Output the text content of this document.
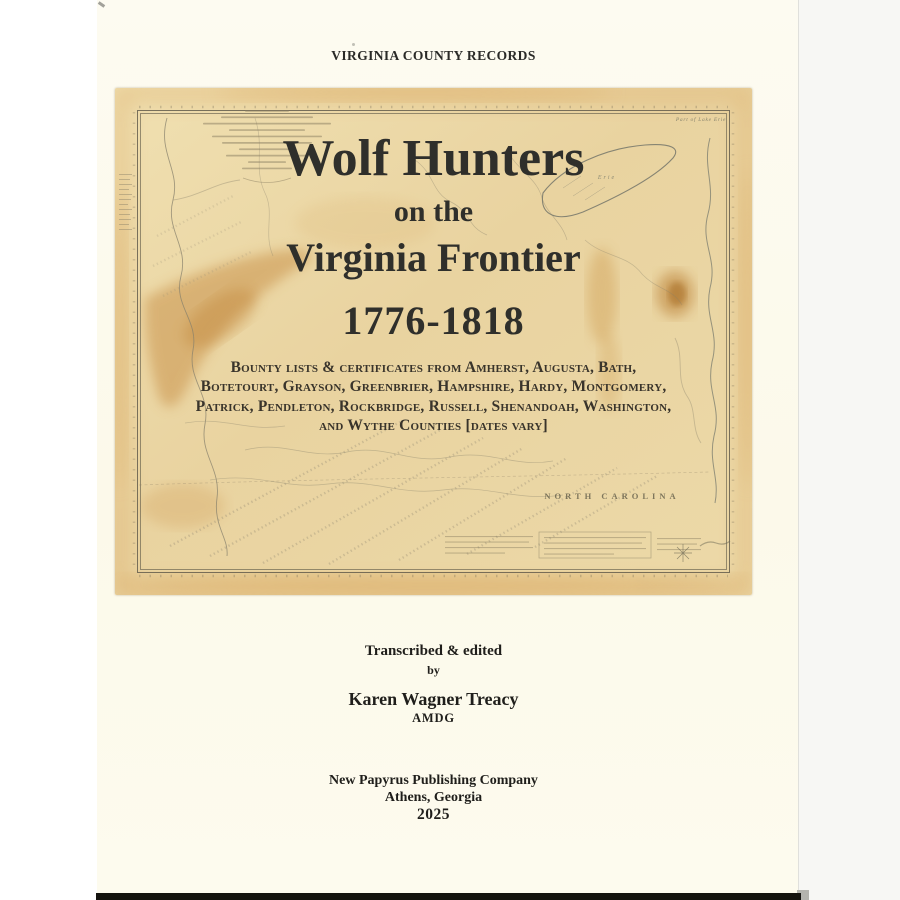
VIRGINIA COUNTY RECORDS
Erie
Part of Lake Erie
NORTH CAROLINA
Wolf Hunters
on the
Virginia Frontier
1776-1818
Bounty lists & certificates from Amherst, Augusta, Bath,
Botetourt, Grayson, Greenbrier, Hampshire, Hardy, Montgomery,
Patrick, Pendleton, Rockbridge, Russell, Shenandoah, Washington,
and Wythe Counties [dates vary]
Transcribed & edited
by
Karen Wagner Treacy
AMDG
New Papyrus Publishing Company
Athens, Georgia
2025
